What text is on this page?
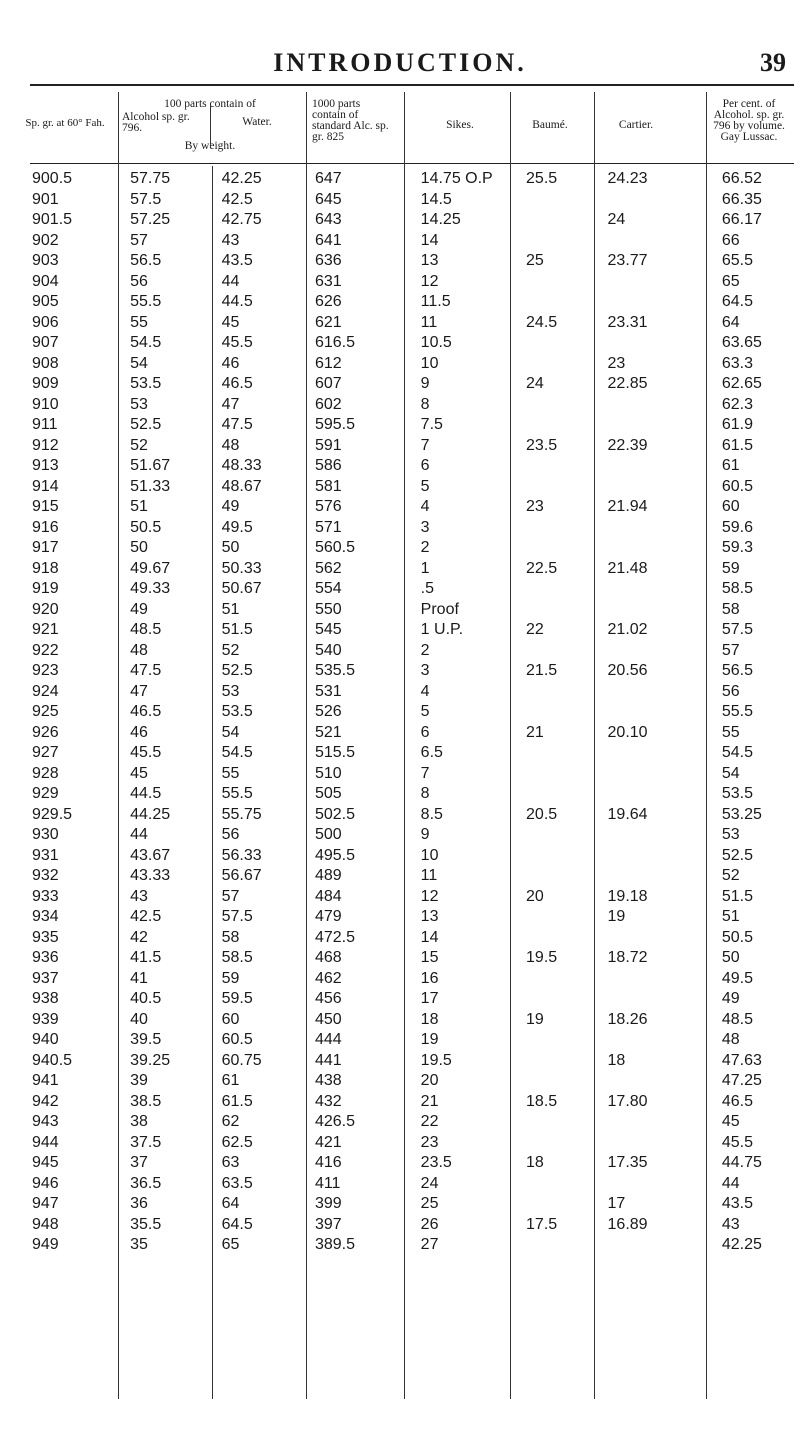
INTRODUCTION.	39
Sp. gr. at 60° Fah.
100 parts contain of
Alcohol sp. gr. 796.	Water.
By weight.
1000 parts contain of standard Alc. sp. gr. 825
Sikes.	Baumé.	Cartier.
Per cent. of Alcohol. sp. gr. 796 by volume. Gay Lussac.
900.5	57.75	42.25	647	14.75 O.P	25.5	24.23	66.52
901	57.5	42.5	645	14.5			66.35
901.5	57.25	42.75	643	14.25		24	66.17
902	57	43	641	14			66
903	56.5	43.5	636	13	25	23.77	65.5
904	56	44	631	12			65
905	55.5	44.5	626	11.5			64.5
906	55	45	621	11	24.5	23.31	64
907	54.5	45.5	616.5	10.5			63.65
908	54	46	612	10		23	63.3
909	53.5	46.5	607	9	24	22.85	62.65
910	53	47	602	8			62.3
911	52.5	47.5	595.5	7.5			61.9
912	52	48	591	7	23.5	22.39	61.5
913	51.67	48.33	586	6			61
914	51.33	48.67	581	5			60.5
915	51	49	576	4	23	21.94	60
916	50.5	49.5	571	3			59.6
917	50	50	560.5	2			59.3
918	49.67	50.33	562	1	22.5	21.48	59
919	49.33	50.67	554	.5			58.5
920	49	51	550	Proof			58
921	48.5	51.5	545	1 U.P.	22	21.02	57.5
922	48	52	540	2			57
923	47.5	52.5	535.5	3	21.5	20.56	56.5
924	47	53	531	4			56
925	46.5	53.5	526	5			55.5
926	46	54	521	6	21	20.10	55
927	45.5	54.5	515.5	6.5			54.5
928	45	55	510	7			54
929	44.5	55.5	505	8			53.5
929.5	44.25	55.75	502.5	8.5	20.5	19.64	53.25
930	44	56	500	9			53
931	43.67	56.33	495.5	10			52.5
932	43.33	56.67	489	11			52
933	43	57	484	12	20	19.18	51.5
934	42.5	57.5	479	13		19	51
935	42	58	472.5	14			50.5
936	41.5	58.5	468	15	19.5	18.72	50
937	41	59	462	16			49.5
938	40.5	59.5	456	17			49
939	40	60	450	18	19	18.26	48.5
940	39.5	60.5	444	19			48
940.5	39.25	60.75	441	19.5		18	47.63
941	39	61	438	20			47.25
942	38.5	61.5	432	21	18.5	17.80	46.5
943	38	62	426.5	22			45
944	37.5	62.5	421	23			45.5
945	37	63	416	23.5	18	17.35	44.75
946	36.5	63.5	411	24			44
947	36	64	399	25		17	43.5
948	35.5	64.5	397	26	17.5	16.89	43
949	35	65	389.5	27			42.25
